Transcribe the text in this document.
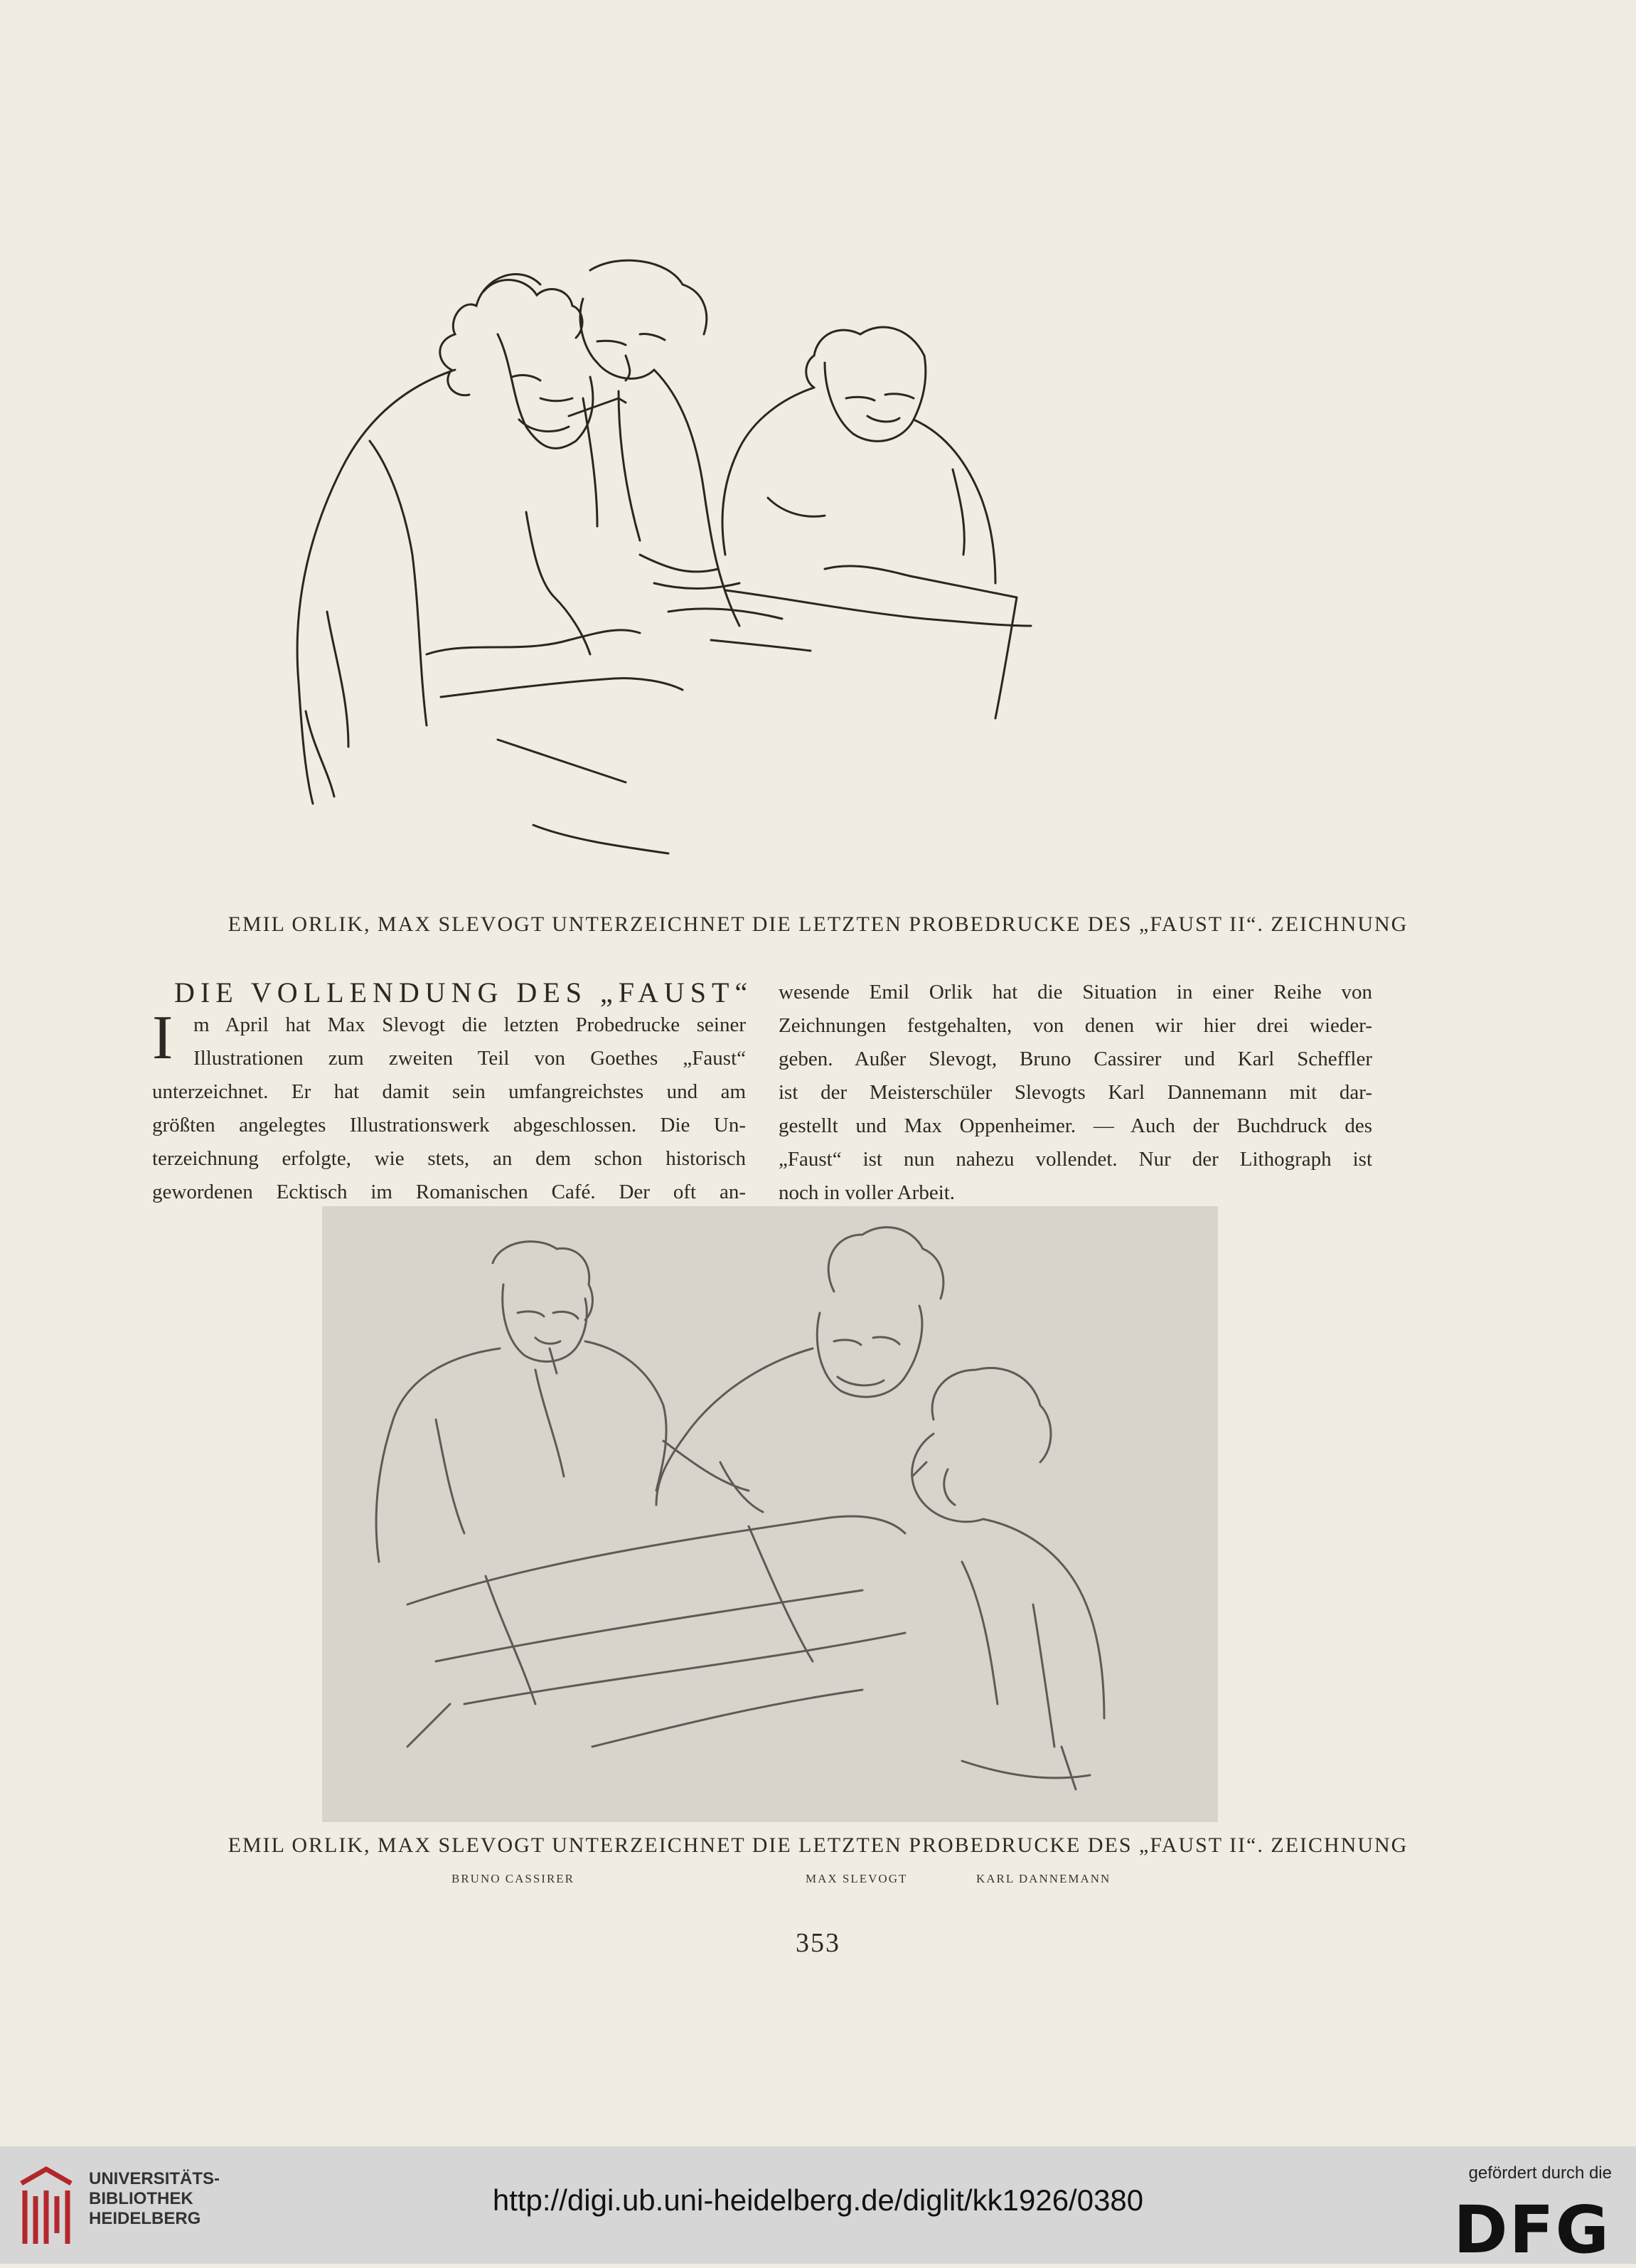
EMIL ORLIK, MAX SLEVOGT UNTERZEICHNET DIE LETZTEN PROBEDRUCKE DES „FAUST II“. ZEICHNUNG
DIE VOLLENDUNG DES „FAUST“
I m April hat Max Slevogt die letzten Probedrucke seiner
Illustrationen zum zweiten Teil von Goethes „Faust“
unterzeichnet. Er hat damit sein umfangreichstes und am
größten angelegtes Illustrationswerk abgeschlossen. Die Un-
terzeichnung erfolgte, wie stets, an dem schon historisch
gewordenen Ecktisch im Romanischen Café. Der oft an-
wesende Emil Orlik hat die Situation in einer Reihe von
Zeichnungen festgehalten, von denen wir hier drei wieder-
geben. Außer Slevogt, Bruno Cassirer und Karl Scheffler
ist der Meisterschüler Slevogts Karl Dannemann mit dar-
gestellt und Max Oppenheimer. — Auch der Buchdruck des
„Faust“ ist nun nahezu vollendet. Nur der Lithograph ist
noch in voller Arbeit.
EMIL ORLIK, MAX SLEVOGT UNTERZEICHNET DIE LETZTEN PROBEDRUCKE DES „FAUST II“. ZEICHNUNG
BRUNO CASSIRER	MAX SLEVOGT	KARL DANNEMANN
353
UNIVERSITÄTS-
BIBLIOTHEK
HEIDELBERG
http://digi.ub.uni-heidelberg.de/diglit/kk1926/0380
gefördert durch die
DFG
